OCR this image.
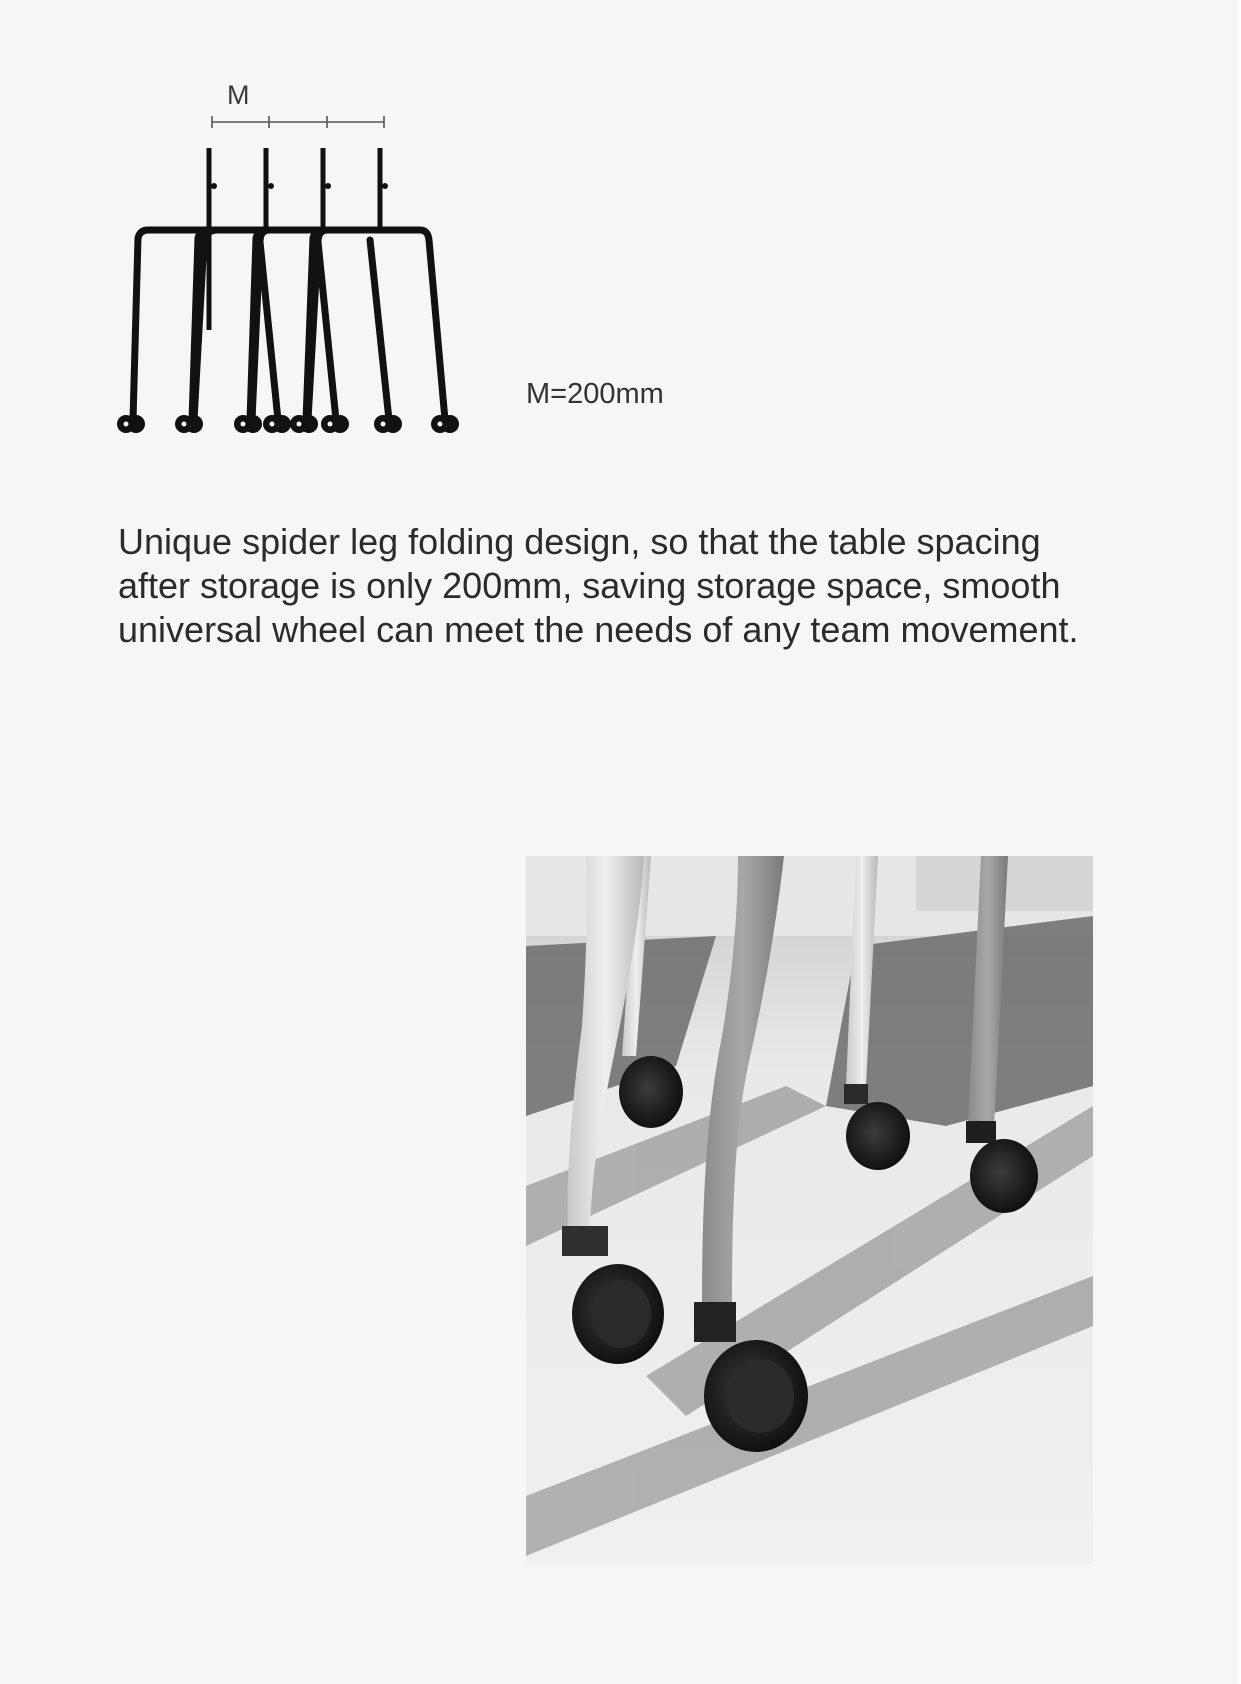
M
M=200mm

Unique spider leg folding design, so that the table spacing after storage is only 200mm, saving storage space, smooth universal wheel can meet the needs of any team movement.
